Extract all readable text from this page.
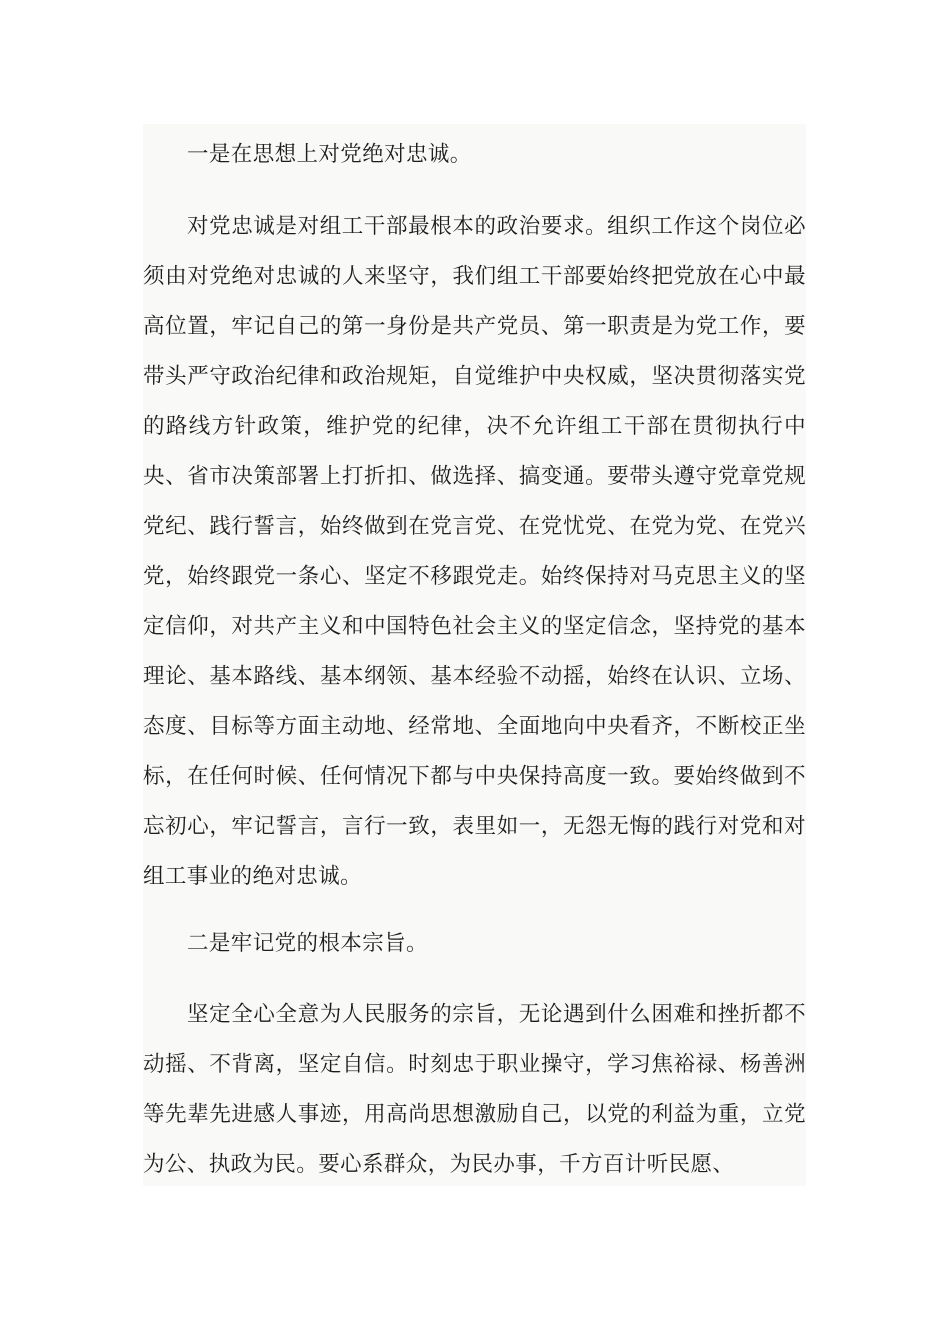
一是在思想上对党绝对忠诚。

对党忠诚是对组工干部最根本的政治要求。组织工作这个岗位必须由对党绝对忠诚的人来坚守，我们组工干部要始终把党放在心中最高位置，牢记自己的第一身份是共产党员、第一职责是为党工作，要带头严守政治纪律和政治规矩，自觉维护中央权威，坚决贯彻落实党的路线方针政策，维护党的纪律，决不允许组工干部在贯彻执行中央、省市决策部署上打折扣、做选择、搞变通。要带头遵守党章党规党纪、践行誓言，始终做到在党言党、在党忧党、在党为党、在党兴党，始终跟党一条心、坚定不移跟党走。始终保持对马克思主义的坚定信仰，对共产主义和中国特色社会主义的坚定信念，坚持党的基本理论、基本路线、基本纲领、基本经验不动摇，始终在认识、立场、态度、目标等方面主动地、经常地、全面地向中央看齐，不断校正坐标，在任何时候、任何情况下都与中央保持高度一致。要始终做到不忘初心，牢记誓言，言行一致，表里如一，无怨无悔的践行对党和对组工事业的绝对忠诚。

二是牢记党的根本宗旨。

坚定全心全意为人民服务的宗旨，无论遇到什么困难和挫折都不动摇、不背离，坚定自信。时刻忠于职业操守，学习焦裕禄、杨善洲等先辈先进感人事迹，用高尚思想激励自己，以党的利益为重，立党为公、执政为民。要心系群众，为民办事，千方百计听民愿、
